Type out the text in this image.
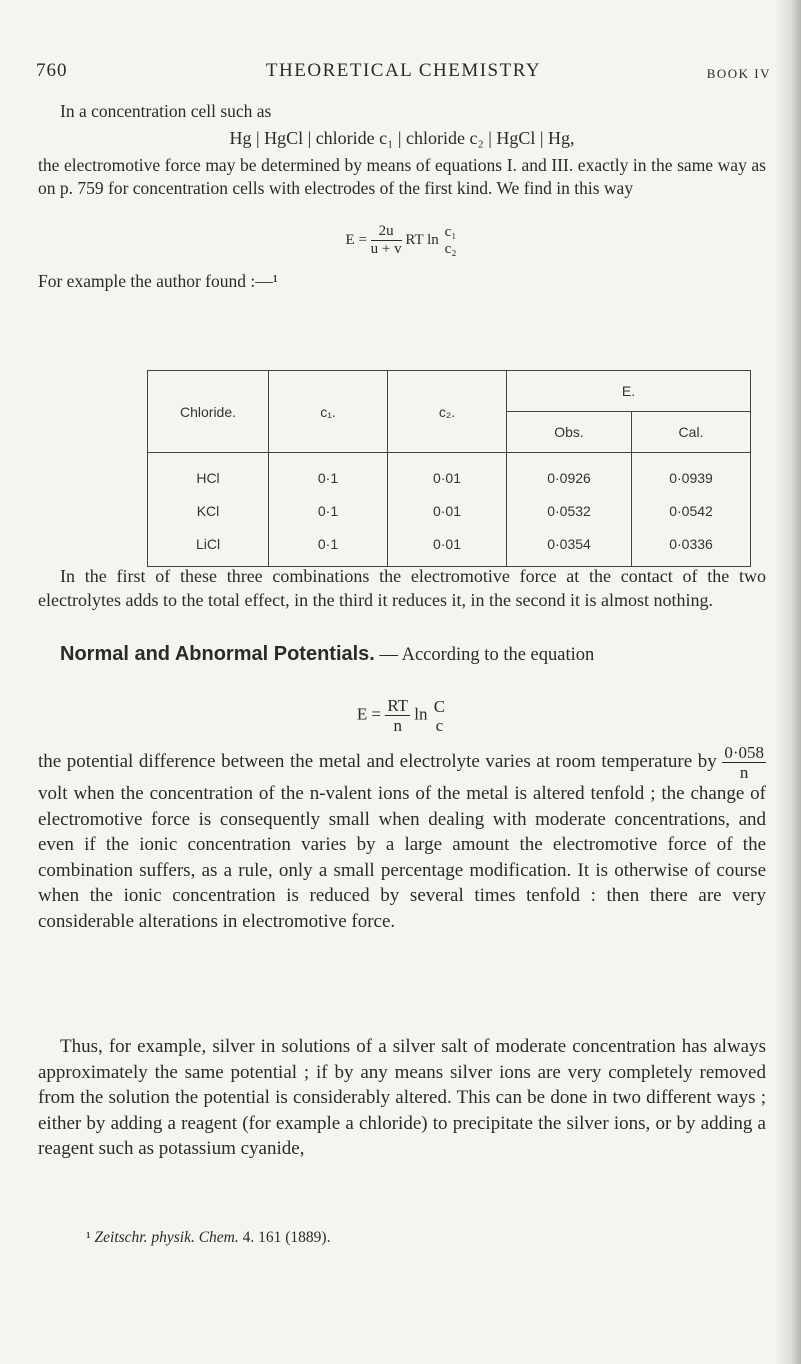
760	THEORETICAL CHEMISTRY	BOOK IV
In a concentration cell such as
Hg | HgCl | chloride c₁ | chloride c₂ | HgCl | Hg,
the electromotive force may be determined by means of equations I. and III. exactly in the same way as on p. 759 for concentration cells with electrodes of the first kind. We find in this way
$E = \frac{2u}{u + v}$ RT ln
c₁
c₂
For example the author found :—¹
Chloride.	c₁.	c₂.	E.	
			Obs.	Cal.
HCl	0·1	0·01	0·0926	0·0939
KCl	0·1	0·01	0·0532	0·0542
LiCl	0·1	0·01	0·0354	0·0336
In the first of these three combinations the electromotive force at the contact of the two electrolytes adds to the total effect, in the third it reduces it, in the second it is almost nothing.
Normal and Abnormal Potentials. — According to the equation
$E = \frac{RT}{n}$ ln C
c
the potential difference between the metal and electrolyte varies at room temperature by $\frac{0\cdot 058}{n}$
volt when the concentration of the n-valent ions of the metal is altered tenfold ; the change of electromotive force is consequently small when dealing with moderate concentrations, and even if the ionic concentration varies by a large amount the electromotive force of the combination suffers, as a rule, only a small percentage modification. It is otherwise of course when the ionic concentration is reduced by several times tenfold : then there are very considerable alterations in electromotive force.
Thus, for example, silver in solutions of a silver salt of moderate concentration has always approximately the same potential ; if by any means silver ions are very completely removed from the solution the potential is considerably altered. This can be done in two different ways ; either by adding a reagent (for example a chloride) to precipitate the silver ions, or by adding a reagent such as potassium cyanide,
¹ Zeitschr. physik. Chem. 4. 161 (1889).
